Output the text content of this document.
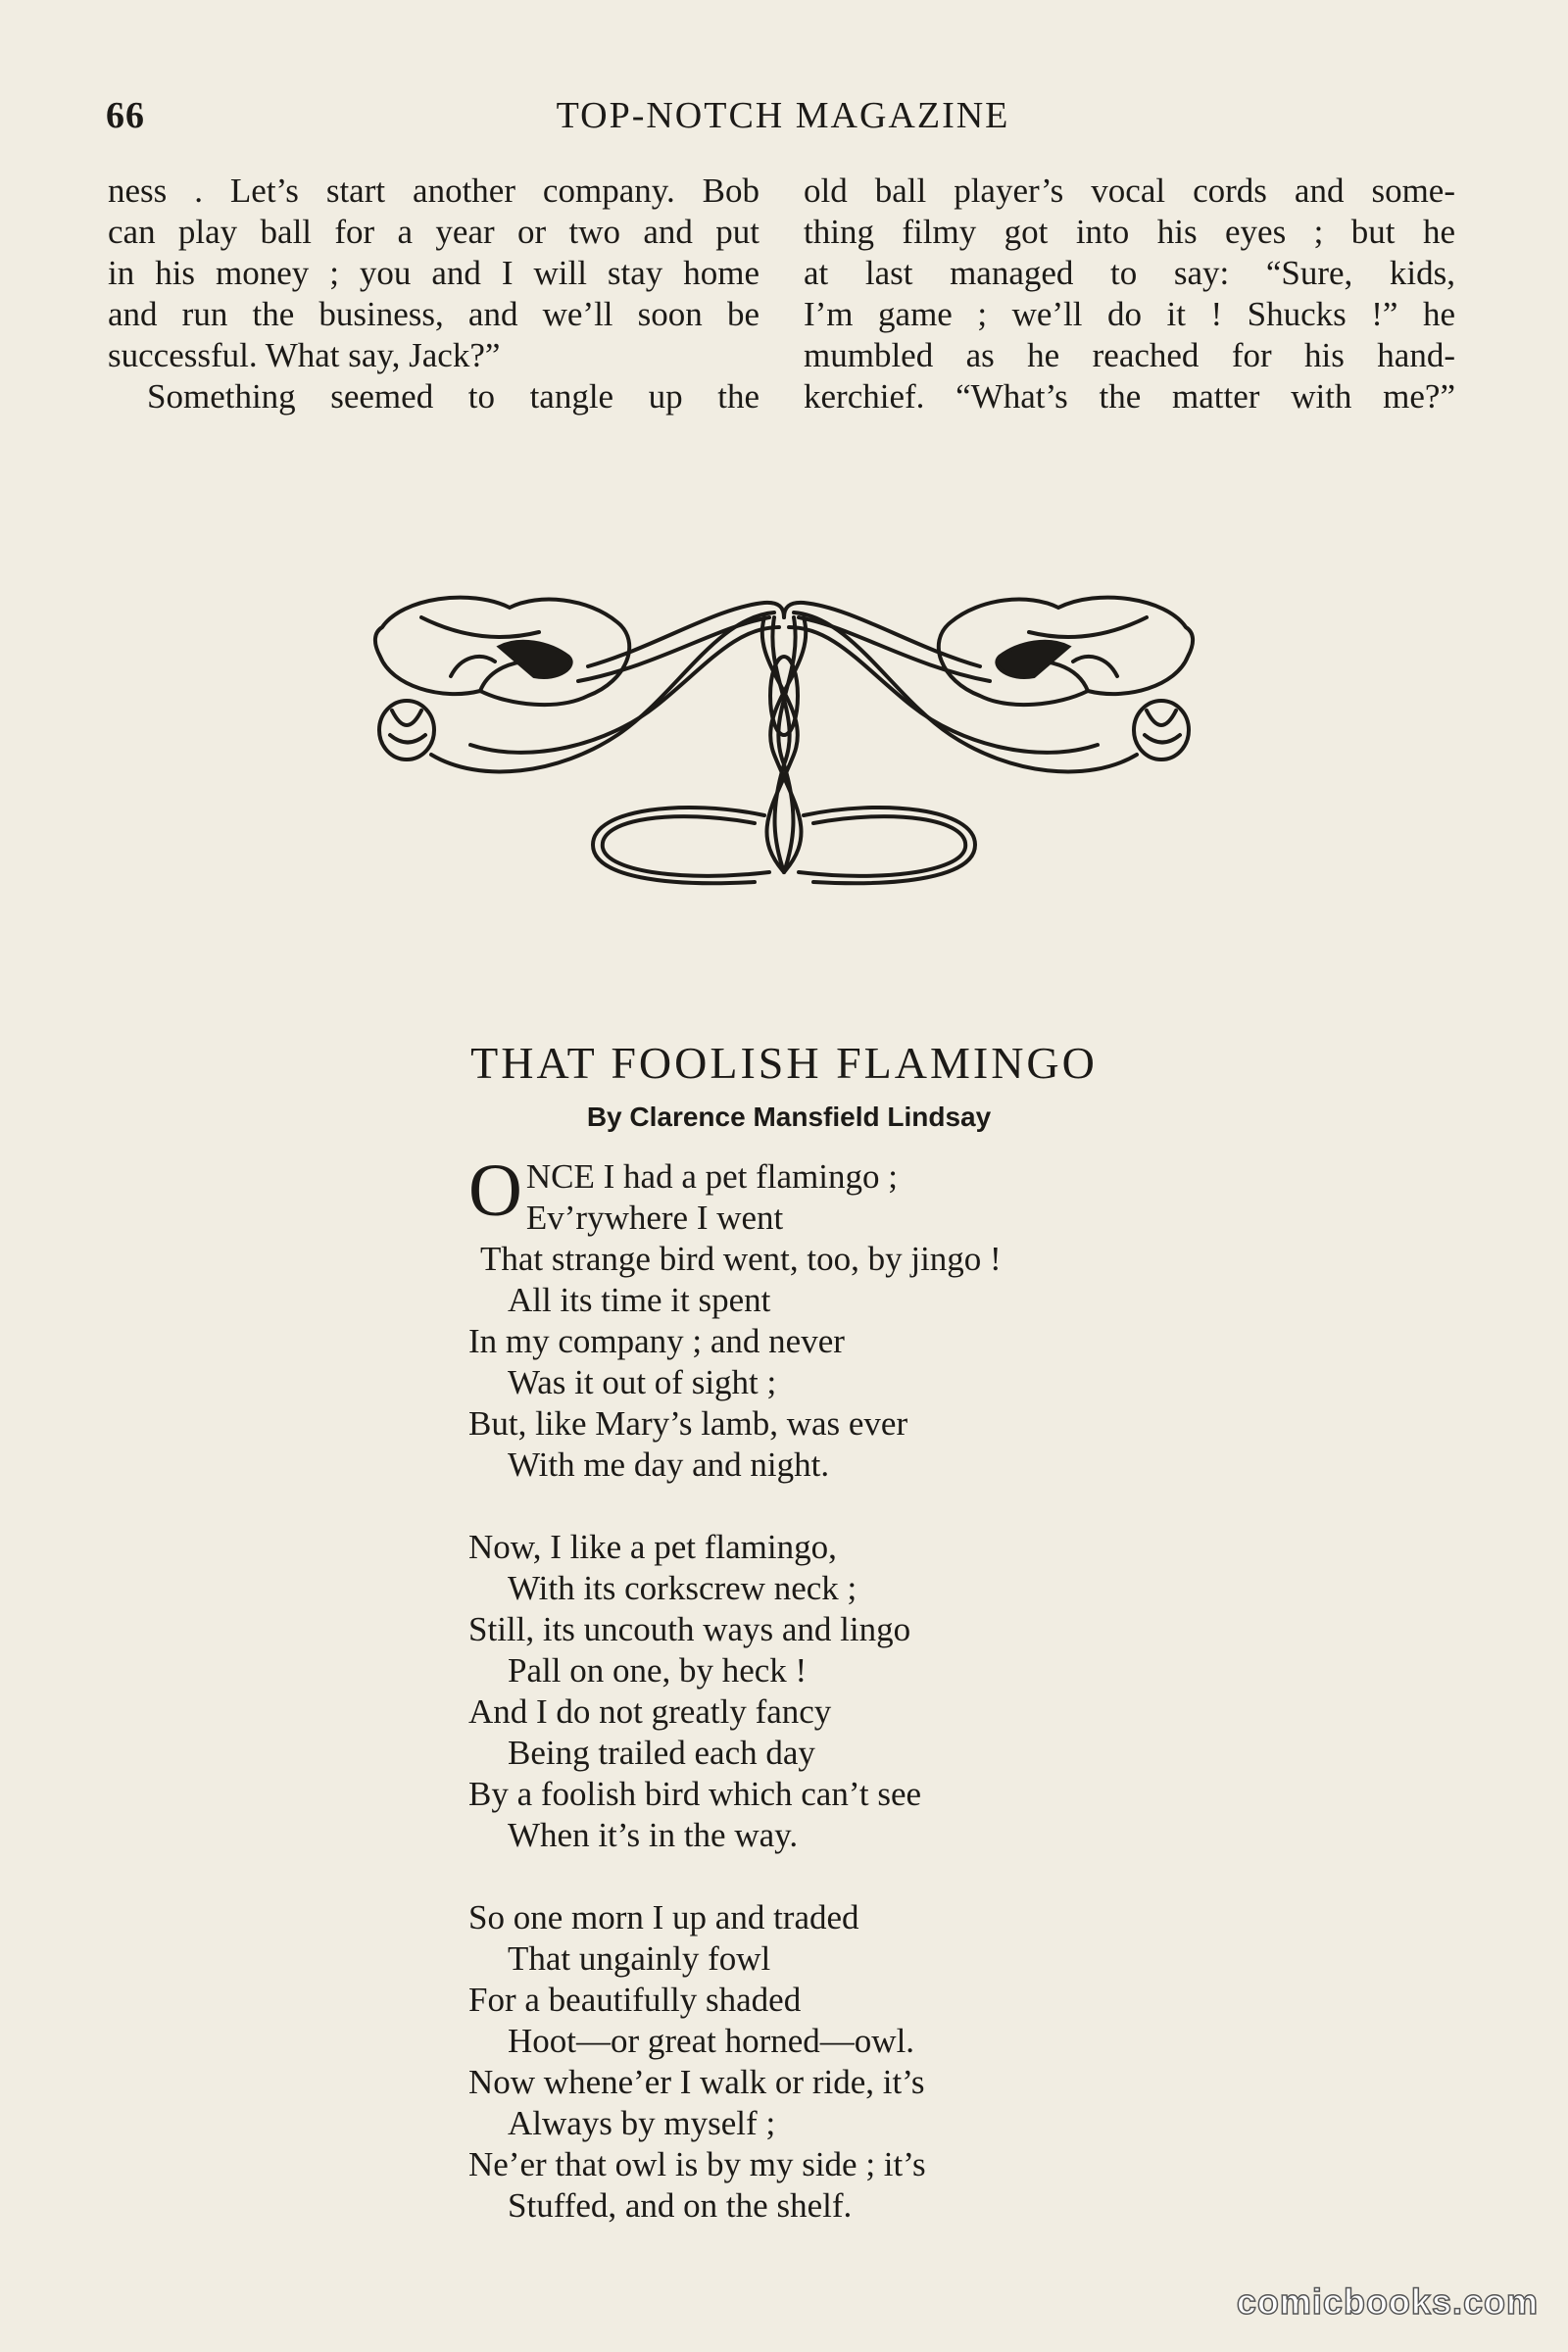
66	TOP-NOTCH MAGAZINE
ness . Let’s start another company. Bob
can play ball for a year or two and put
in his money ; you and I will stay home
and run the business, and we’ll soon be
successful. What say, Jack?”
Something seemed to tangle up the
old ball player’s vocal cords and some-
thing filmy got into his eyes ; but he
at last managed to say: “Sure, kids,
I’m game ; we’ll do it ! Shucks !” he
mumbled as he reached for his hand-
kerchief. “What’s the matter with me?”
THAT FOOLISH FLAMINGO
By Clarence Mansfield Lindsay
O NCE I had a pet flamingo ;
Ev’rywhere I went
That strange bird went, too, by jingo !
All its time it spent
In my company ; and never
Was it out of sight ;
But, like Mary’s lamb, was ever
With me day and night.
Now, I like a pet flamingo,
With its corkscrew neck ;
Still, its uncouth ways and lingo
Pall on one, by heck !
And I do not greatly fancy
Being trailed each day
By a foolish bird which can’t see
When it’s in the way.
So one morn I up and traded
That ungainly fowl
For a beautifully shaded
Hoot—or great horned—owl.
Now whene’er I walk or ride, it’s
Always by myself ;
Ne’er that owl is by my side ; it’s
Stuffed, and on the shelf.
comicbooks.com
